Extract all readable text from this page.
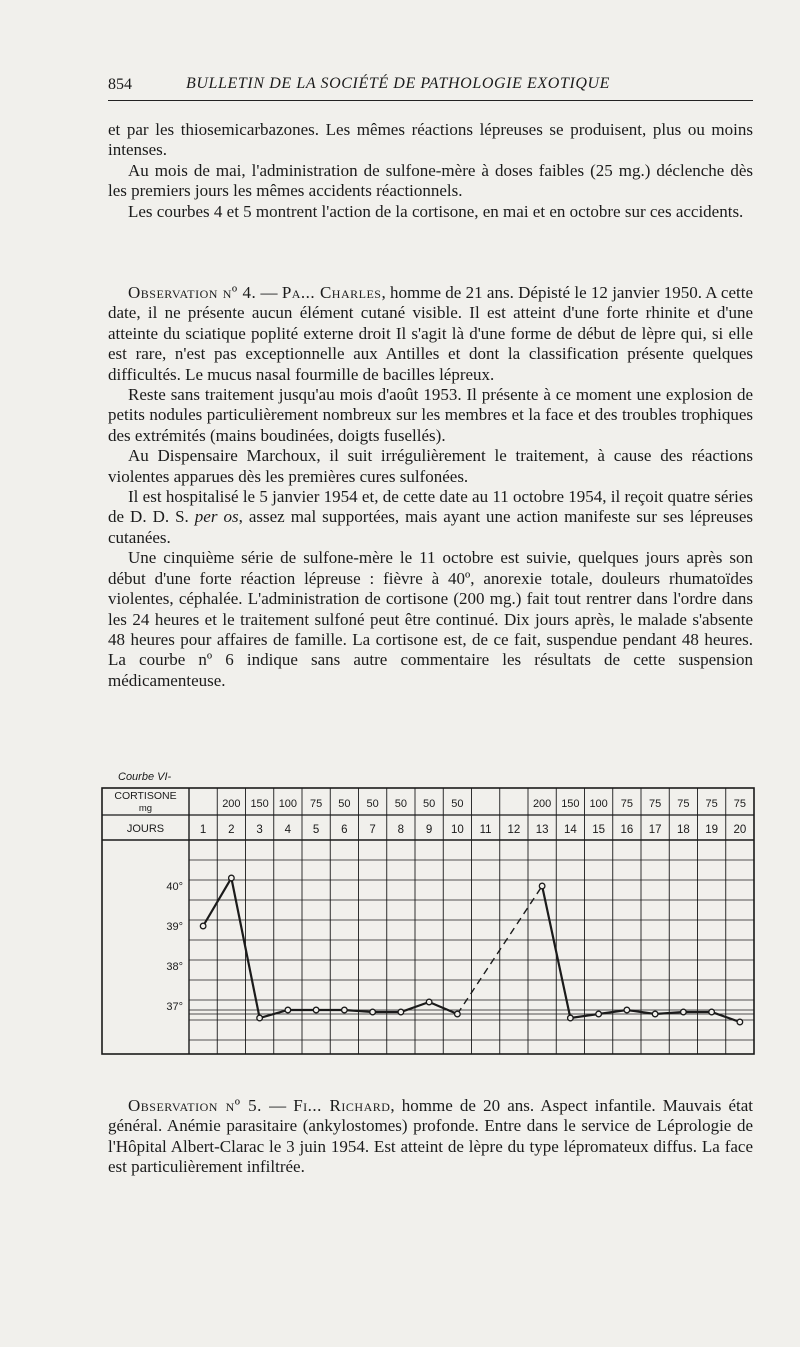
854	BULLETIN DE LA SOCIÉTÉ DE PATHOLOGIE EXOTIQUE

et par les thiosemicarbazones. Les mêmes réactions lépreuses se produisent, plus ou moins intenses.

Au mois de mai, l'administration de sulfone-mère à doses faibles (25 mg.) déclenche dès les premiers jours les mêmes accidents réactionnels.

Les courbes 4 et 5 montrent l'action de la cortisone, en mai et en octobre sur ces accidents.

Observation nº 4. — Pa... Charles, homme de 21 ans. Dépisté le 12 janvier 1950. A cette date, il ne présente aucun élément cutané visible. Il est atteint d'une forte rhinite et d'une atteinte du sciatique poplité externe droit Il s'agit là d'une forme de début de lèpre qui, si elle est rare, n'est pas exceptionnelle aux Antilles et dont la classification présente quelques difficultés. Le mucus nasal fourmille de bacilles lépreux.

Reste sans traitement jusqu'au mois d'août 1953. Il présente à ce moment une explosion de petits nodules particulièrement nombreux sur les membres et la face et des troubles trophiques des extrémités (mains boudinées, doigts fusellés).

Au Dispensaire Marchoux, il suit irrégulièrement le traitement, à cause des réactions violentes apparues dès les premières cures sulfonées.

Il est hospitalisé le 5 janvier 1954 et, de cette date au 11 octobre 1954, il reçoit quatre séries de D. D. S. per os, assez mal supportées, mais ayant une action manifeste sur ses lépreuses cutanées.

Une cinquième série de sulfone-mère le 11 octobre est suivie, quelques jours après son début d'une forte réaction lépreuse : fièvre à 40º, anorexie totale, douleurs rhumatoïdes violentes, céphalée. L'administration de cortisone (200 mg.) fait tout rentrer dans l'ordre dans les 24 heures et le traitement sulfoné peut être continué. Dix jours après, le malade s'absente 48 heures pour affaires de famille. La cortisone est, de ce fait, suspendue pendant 48 heures. La courbe nº 6 indique sans autre commentaire les résultats de cette suspension médicamenteuse.

Courbe VI-
CORTISONE
mg
JOURS	1
200
2
150
3
100
4
75
5
50
6
50
7
50
8
50
9
50
10 11 12
200
13
150
14
100
15
75
16
75
17
75
18
75
19
75
20
40°
39°
38°
37°

Observation nº 5. — Fi... Richard, homme de 20 ans. Aspect infantile. Mauvais état général. Anémie parasitaire (ankylostomes) profonde. Entre dans le service de Léprologie de l'Hôpital Albert-Clarac le 3 juin 1954. Est atteint de lèpre du type lépromateux diffus. La face est particulièrement infiltrée.
